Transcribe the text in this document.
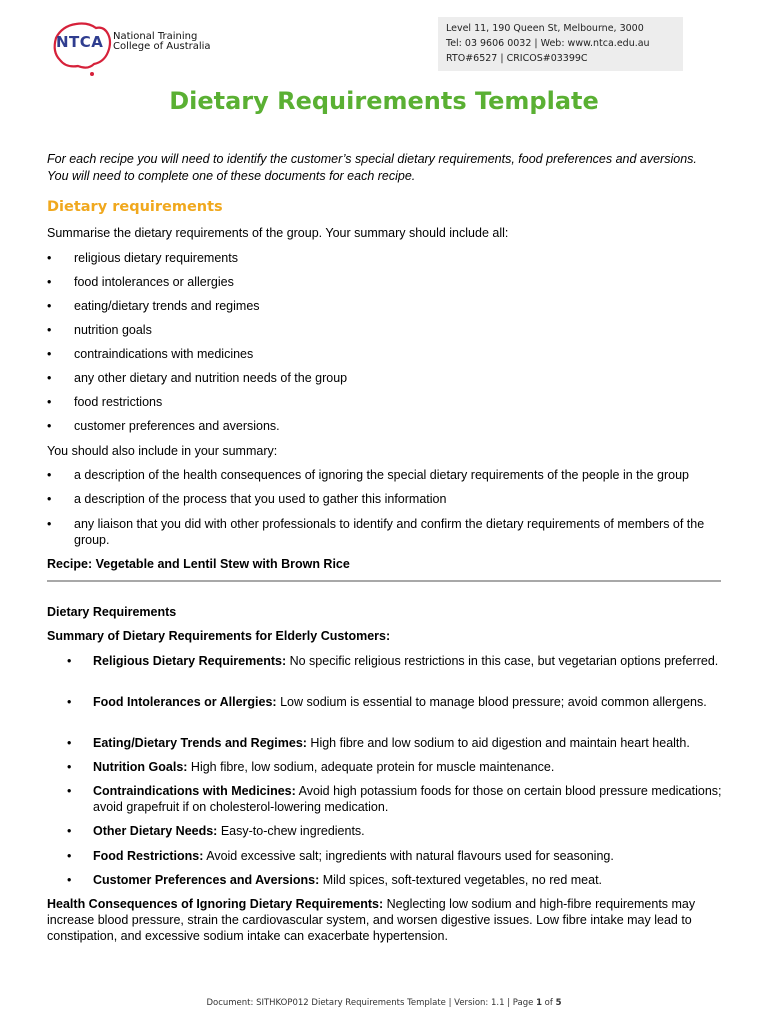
NTCA National Training
College of Australia
Level 11, 190 Queen St, Melbourne, 3000
Tel: 03 9606 0032 | Web: www.ntca.edu.au
RTO#6527 | CRICOS#03399C
Dietary Requirements Template
For each recipe you will need to identify the customer’s special dietary requirements, food preferences and aversions.
You will need to complete one of these documents for each recipe.
Dietary requirements
Summarise the dietary requirements of the group. Your summary should include all:
• religious dietary requirements
• food intolerances or allergies
• eating/dietary trends and regimes
• nutrition goals
• contraindications with medicines
• any other dietary and nutrition needs of the group
• food restrictions
• customer preferences and aversions.
You should also include in your summary:
• a description of the health consequences of ignoring the special dietary requirements of the people in the group
• a description of the process that you used to gather this information
• any liaison that you did with other professionals to identify and confirm the dietary requirements of members of the group.
Recipe: Vegetable and Lentil Stew with Brown Rice
Dietary Requirements
Summary of Dietary Requirements for Elderly Customers:
• Religious Dietary Requirements: No specific religious restrictions in this case, but vegetarian options preferred.
• Food Intolerances or Allergies: Low sodium is essential to manage blood pressure; avoid common allergens.
• Eating/Dietary Trends and Regimes: High fibre and low sodium to aid digestion and maintain heart health.
• Nutrition Goals: High fibre, low sodium, adequate protein for muscle maintenance.
• Contraindications with Medicines: Avoid high potassium foods for those on certain blood pressure medications; avoid grapefruit if on cholesterol-lowering medication.
• Other Dietary Needs: Easy-to-chew ingredients.
• Food Restrictions: Avoid excessive salt; ingredients with natural flavours used for seasoning.
• Customer Preferences and Aversions: Mild spices, soft-textured vegetables, no red meat.
Health Consequences of Ignoring Dietary Requirements: Neglecting low sodium and high-fibre requirements may increase blood pressure, strain the cardiovascular system, and worsen digestive issues. Low fibre intake may lead to constipation, and excessive sodium intake can exacerbate hypertension.
Document: SITHKOP012 Dietary Requirements Template | Version: 1.1 | Page 1 of 5
